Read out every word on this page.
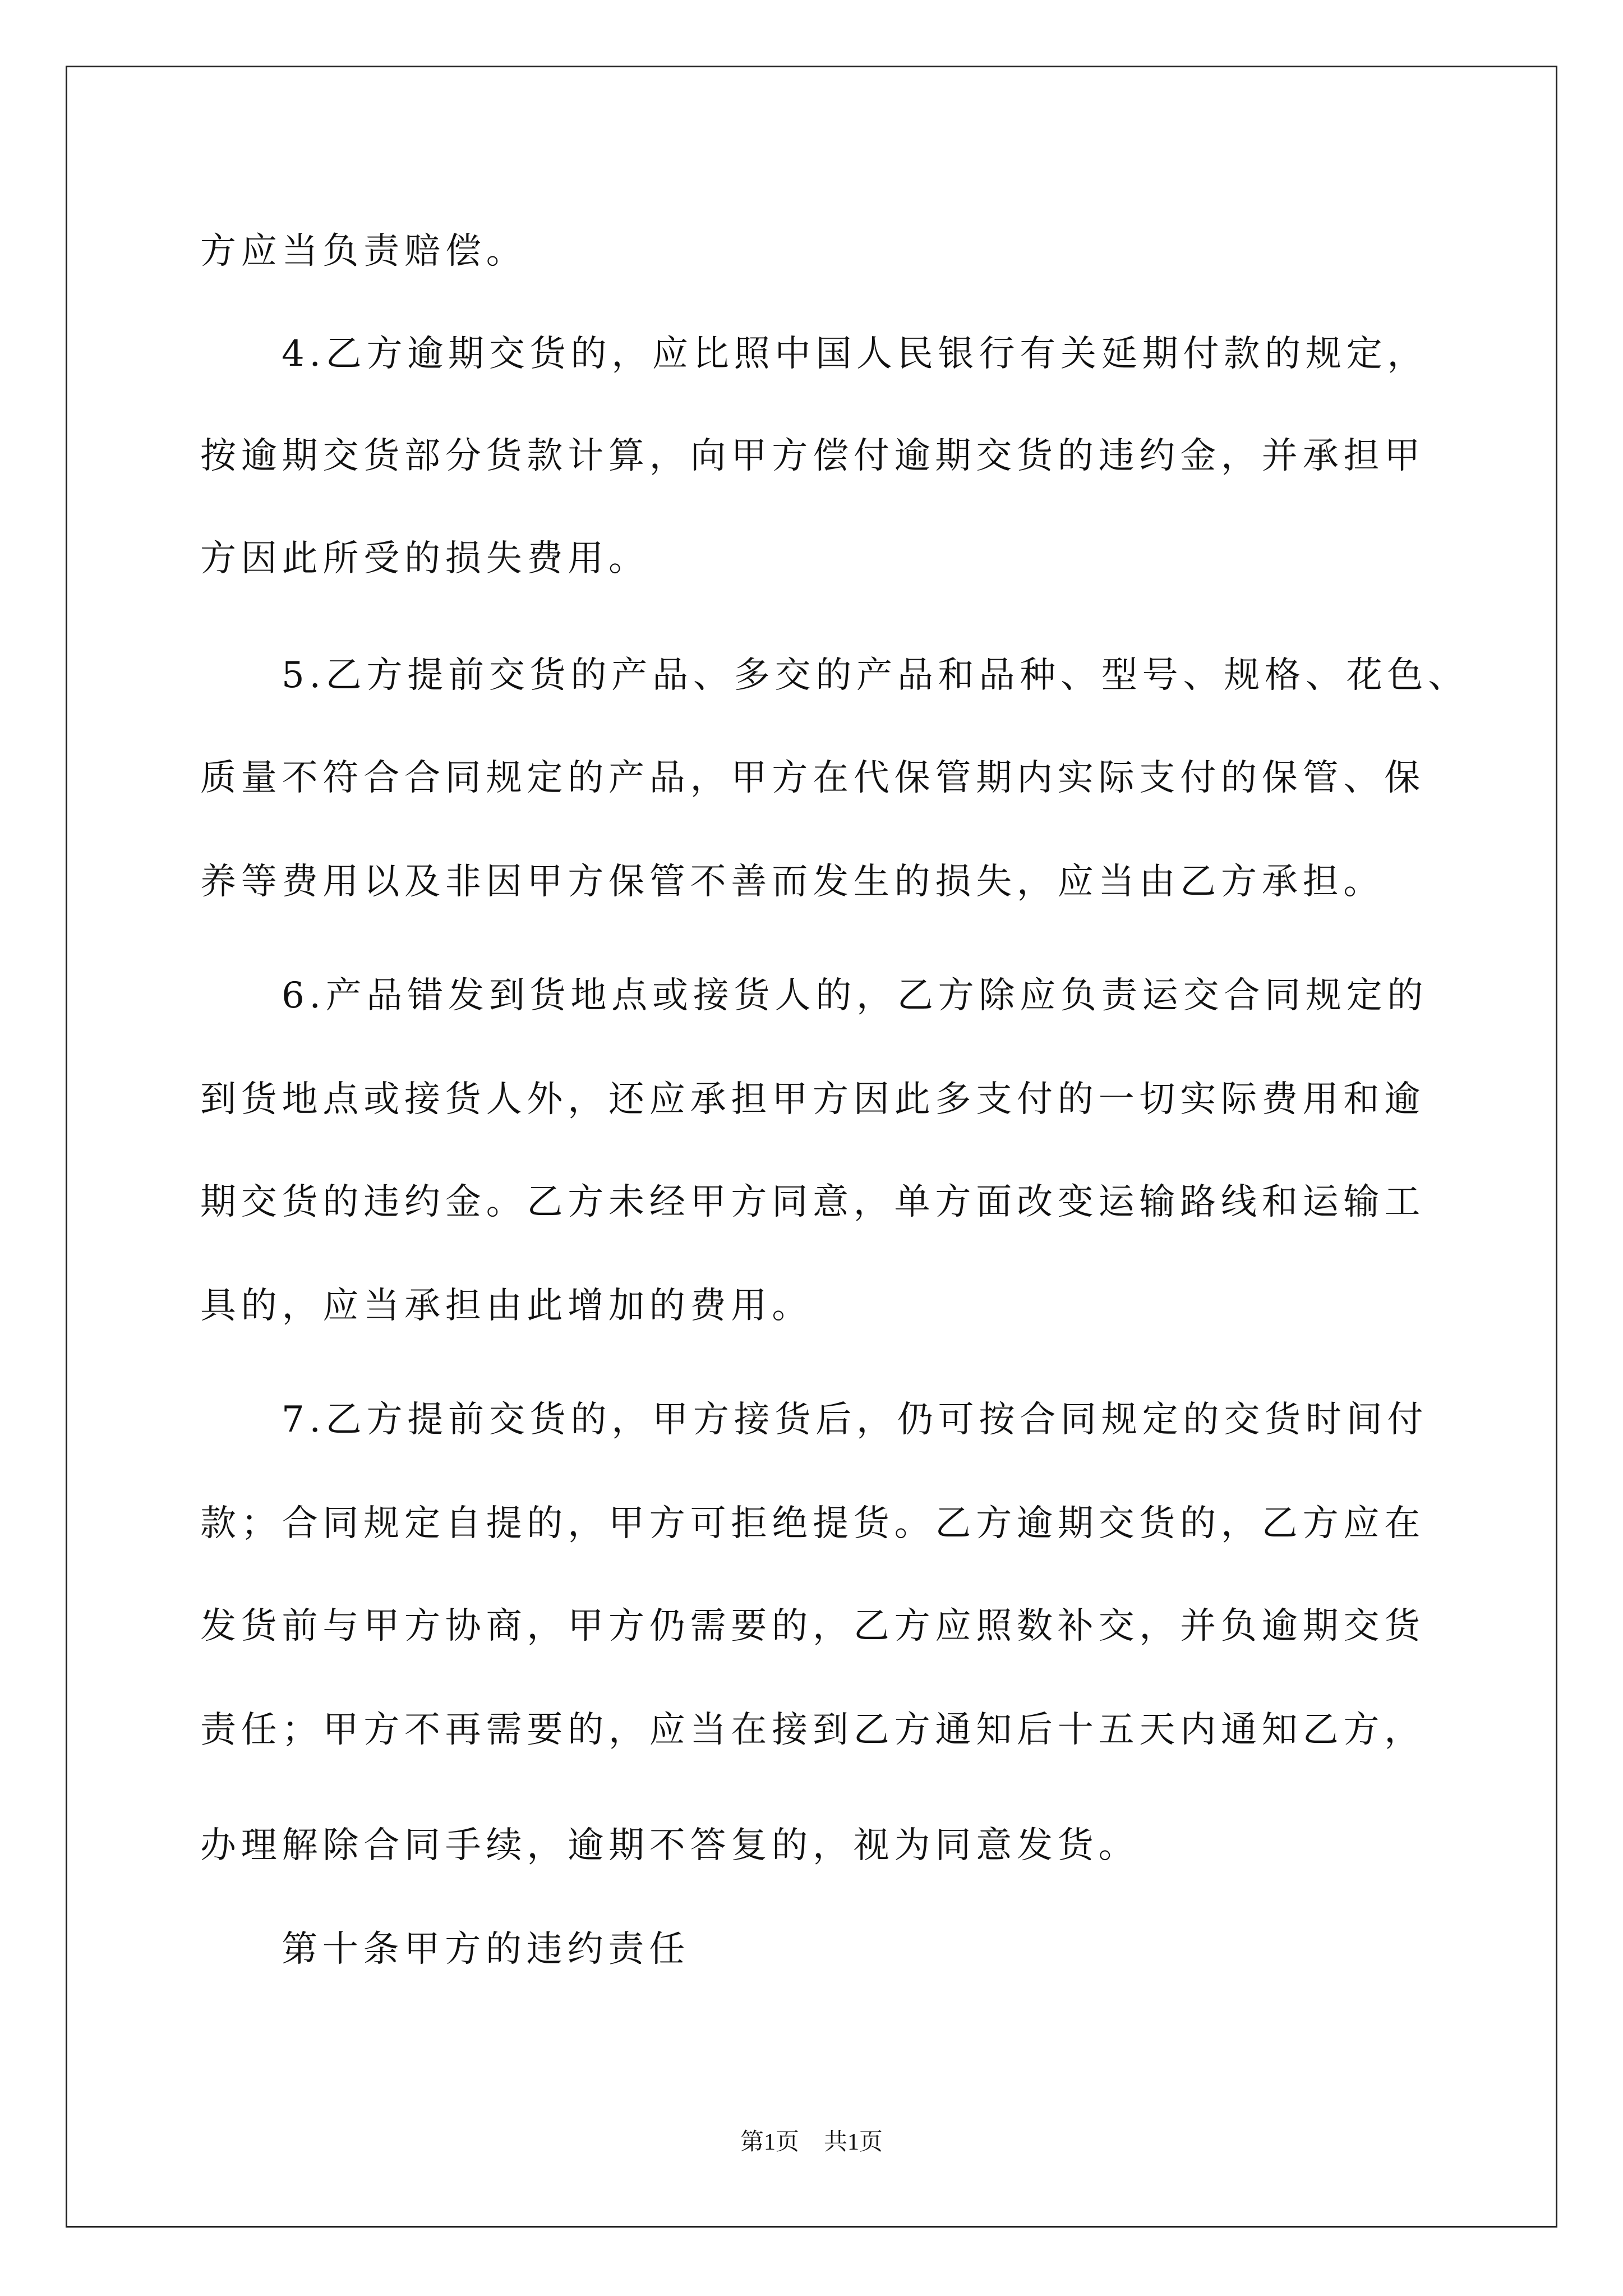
方应当负责赔偿。
4.乙方逾期交货的，应比照中国人民银行有关延期付款的规定，
按逾期交货部分货款计算，向甲方偿付逾期交货的违约金，并承担甲
方因此所受的损失费用。
5.乙方提前交货的产品、多交的产品和品种、型号、规格、花色、
质量不符合合同规定的产品，甲方在代保管期内实际支付的保管、保
养等费用以及非因甲方保管不善而发生的损失，应当由乙方承担。
6.产品错发到货地点或接货人的，乙方除应负责运交合同规定的
到货地点或接货人外，还应承担甲方因此多支付的一切实际费用和逾
期交货的违约金。乙方未经甲方同意，单方面改变运输路线和运输工
具的，应当承担由此增加的费用。
7.乙方提前交货的，甲方接货后，仍可按合同规定的交货时间付
款；合同规定自提的，甲方可拒绝提货。乙方逾期交货的，乙方应在
发货前与甲方协商，甲方仍需要的，乙方应照数补交，并负逾期交货
责任；甲方不再需要的，应当在接到乙方通知后十五天内通知乙方，
办理解除合同手续，逾期不答复的，视为同意发货。
第十条甲方的违约责任
第1页 共1页
